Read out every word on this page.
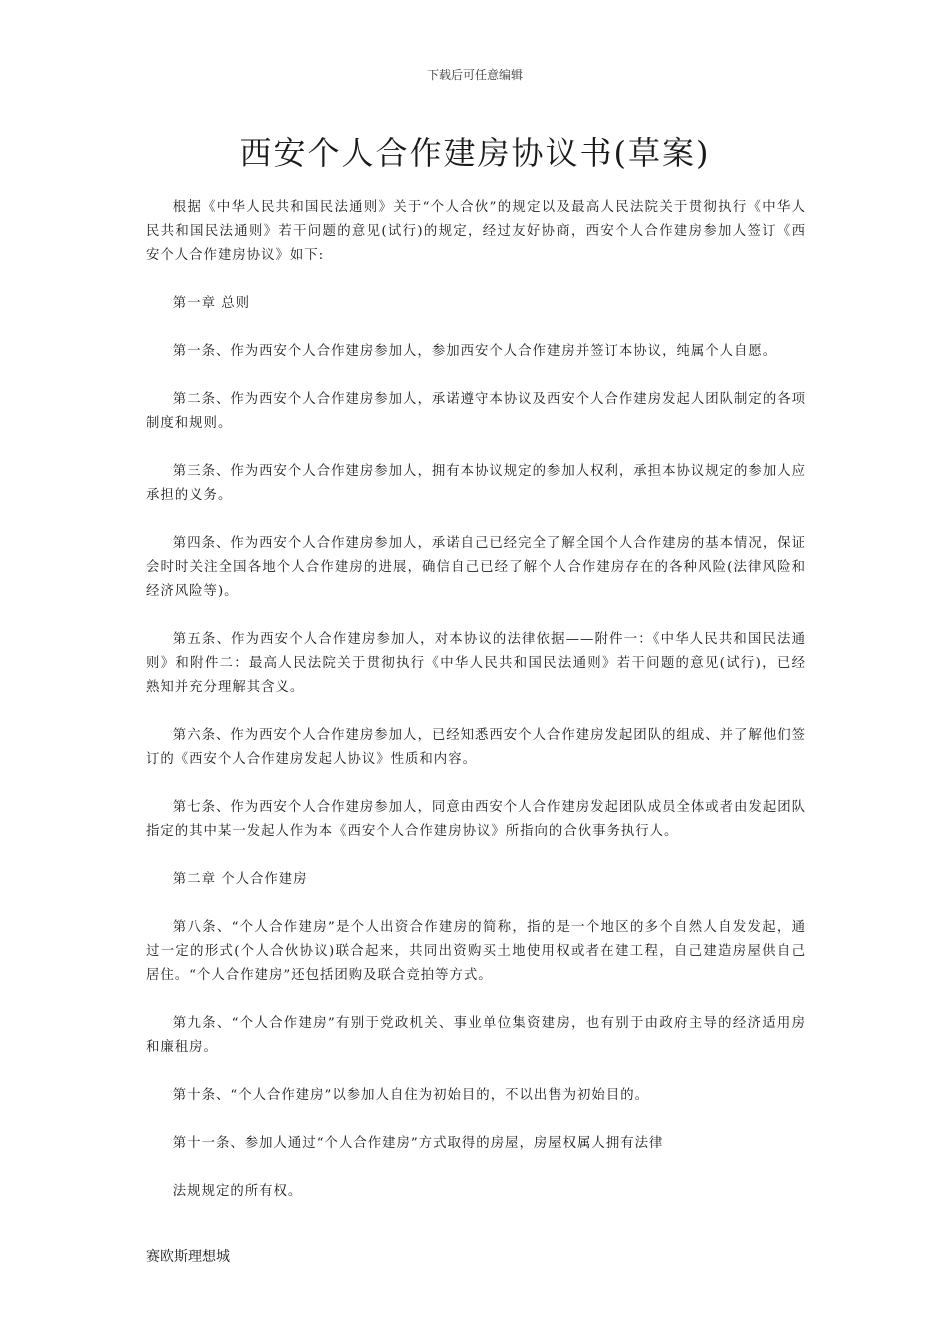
下载后可任意编辑
西安个人合作建房协议书(草案)

根据《中华人民共和国民法通则》关于“个人合伙”的规定以及最高人民法院关于贯彻执行《中华人民共和国民法通则》若干问题的意见(试行)的规定，经过友好协商，西安个人合作建房参加人签订《西安个人合作建房协议》如下:

第一章 总则

第一条、作为西安个人合作建房参加人，参加西安个人合作建房并签订本协议，纯属个人自愿。

第二条、作为西安个人合作建房参加人，承诺遵守本协议及西安个人合作建房发起人团队制定的各项制度和规则。

第三条、作为西安个人合作建房参加人，拥有本协议规定的参加人权利，承担本协议规定的参加人应承担的义务。

第四条、作为西安个人合作建房参加人，承诺自己已经完全了解全国个人合作建房的基本情况，保证会时时关注全国各地个人合作建房的进展，确信自己已经了解个人合作建房存在的各种风险(法律风险和经济风险等)。

第五条、作为西安个人合作建房参加人，对本协议的法律依据——附件一：《中华人民共和国民法通则》和附件二：最高人民法院关于贯彻执行《中华人民共和国民法通则》若干问题的意见(试行)，已经熟知并充分理解其含义。

第六条、作为西安个人合作建房参加人，已经知悉西安个人合作建房发起团队的组成、并了解他们签订的《西安个人合作建房发起人协议》性质和内容。

第七条、作为西安个人合作建房参加人，同意由西安个人合作建房发起团队成员全体或者由发起团队指定的其中某一发起人作为本《西安个人合作建房协议》所指向的合伙事务执行人。

第二章 个人合作建房

第八条、“个人合作建房”是个人出资合作建房的简称，指的是一个地区的多个自然人自发发起，通过一定的形式(个人合伙协议)联合起来，共同出资购买土地使用权或者在建工程，自己建造房屋供自己居住。“个人合作建房”还包括团购及联合竞拍等方式。

第九条、“个人合作建房”有别于党政机关、事业单位集资建房，也有别于由政府主导的经济适用房和廉租房。

第十条、“个人合作建房”以参加人自住为初始目的，不以出售为初始目的。

第十一条、参加人通过“个人合作建房”方式取得的房屋，房屋权属人拥有法律

法规规定的所有权。

赛欧斯理想城
